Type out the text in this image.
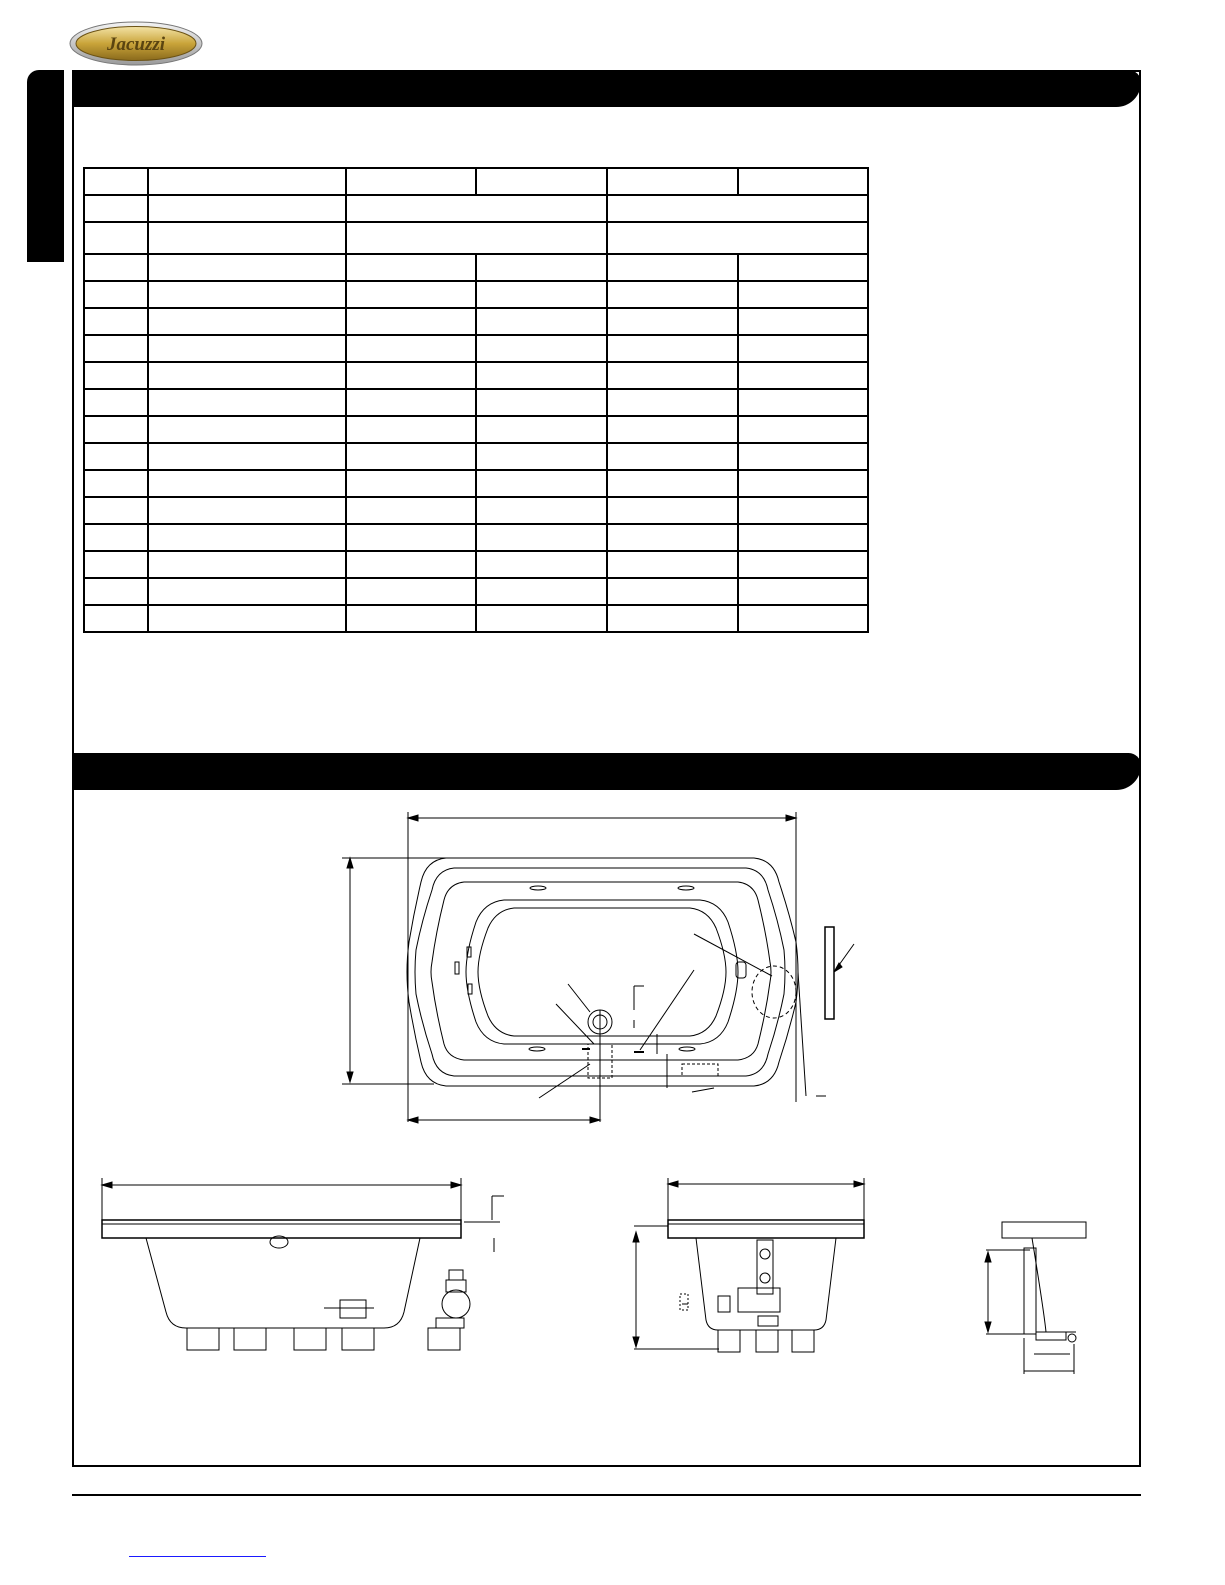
Jacuzzi
